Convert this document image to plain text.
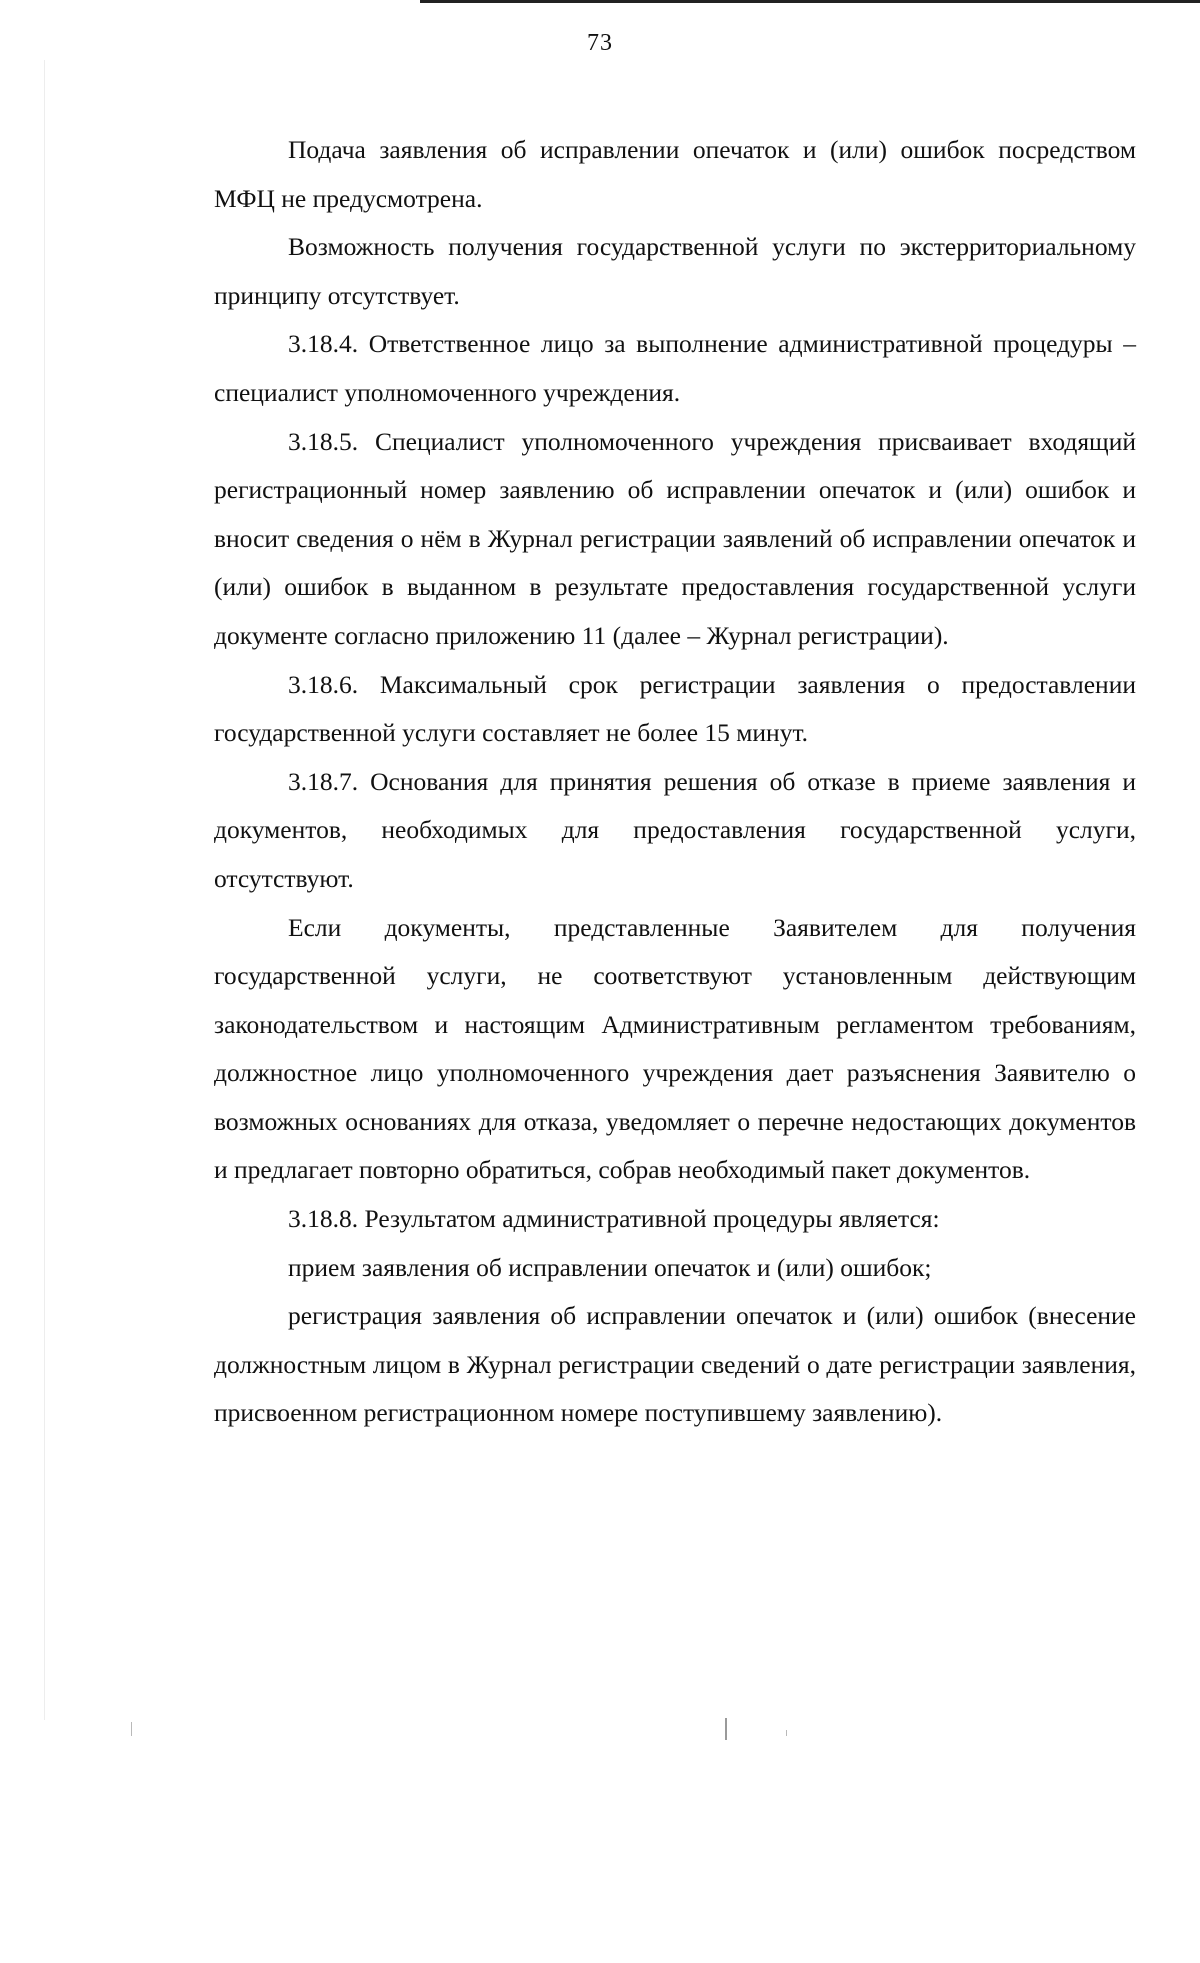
73

Подача заявления об исправлении опечаток и (или) ошибок посредством МФЦ не предусмотрена.

Возможность получения государственной услуги по экстерриториальному принципу отсутствует.

3.18.4. Ответственное лицо за выполнение административной процедуры – специалист уполномоченного учреждения.

3.18.5. Специалист уполномоченного учреждения присваивает входящий регистрационный номер заявлению об исправлении опечаток и (или) ошибок и вносит сведения о нём в Журнал регистрации заявлений об исправлении опечаток и (или) ошибок в выданном в результате предоставления государственной услуги документе согласно приложению 11 (далее – Журнал регистрации).

3.18.6. Максимальный срок регистрации заявления о предоставлении государственной услуги составляет не более 15 минут.

3.18.7. Основания для принятия решения об отказе в приеме заявления и документов, необходимых для предоставления государственной услуги, отсутствуют.

Если документы, представленные Заявителем для получения государственной услуги, не соответствуют установленным действующим законодательством и настоящим Административным регламентом требованиям, должностное лицо уполномоченного учреждения дает разъяснения Заявителю о возможных основаниях для отказа, уведомляет о перечне недостающих документов и предлагает повторно обратиться, собрав необходимый пакет документов.

3.18.8. Результатом административной процедуры является:

прием заявления об исправлении опечаток и (или) ошибок;

регистрация заявления об исправлении опечаток и (или) ошибок (внесение должностным лицом в Журнал регистрации сведений о дате регистрации заявления, присвоенном регистрационном номере поступившему заявлению).
